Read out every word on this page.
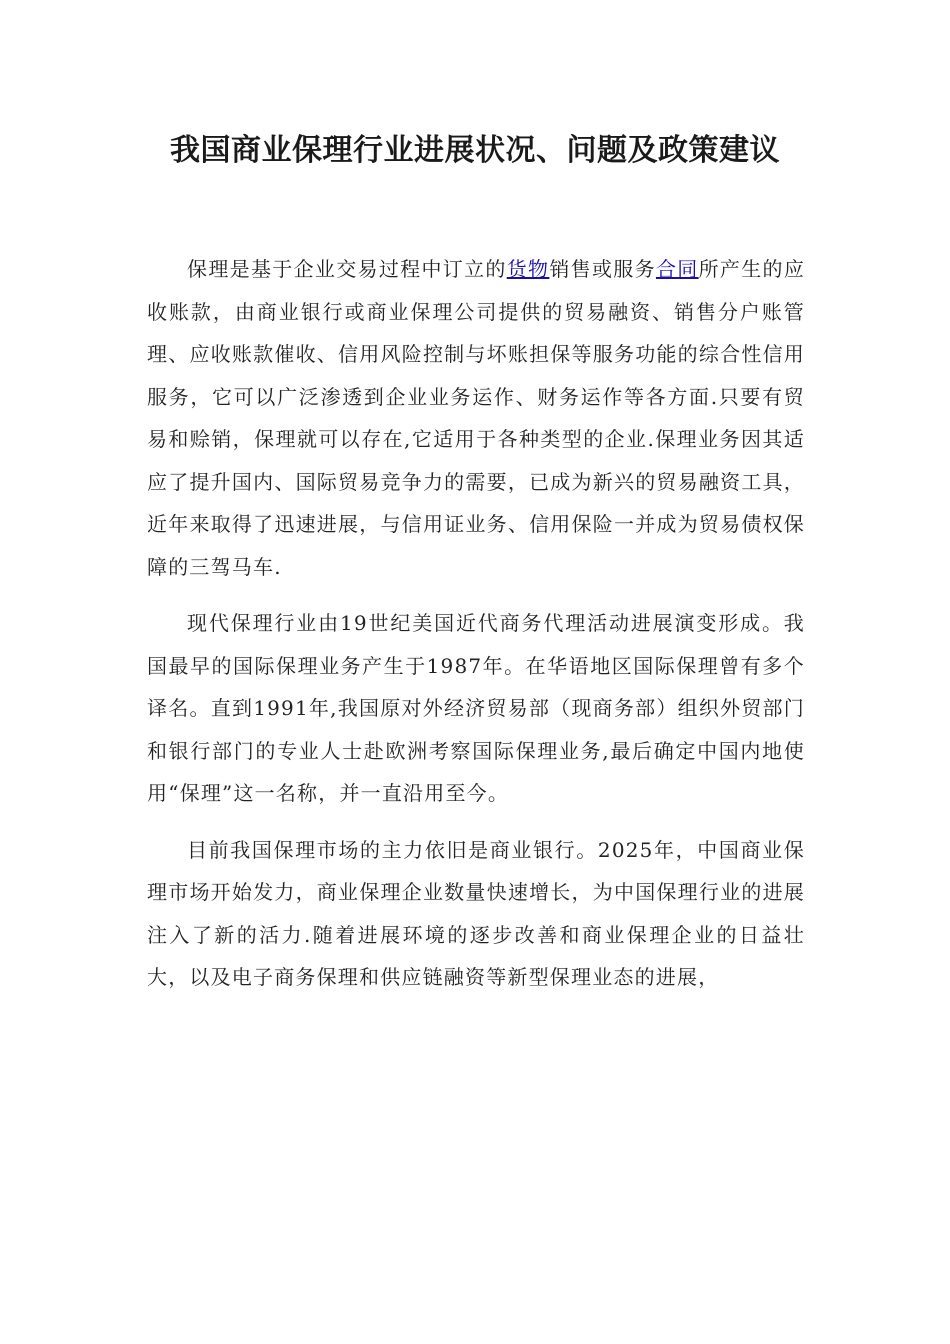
我国商业保理行业进展状况、问题及政策建议

保理是基于企业交易过程中订立的货物销售或服务合同所产生的应收账款，由商业银行或商业保理公司提供的贸易融资、销售分户账管理、应收账款催收、信用风险控制与坏账担保等服务功能的综合性信用服务，它可以广泛渗透到企业业务运作、财务运作等各方面.只要有贸易和赊销，保理就可以存在,它适用于各种类型的企业.保理业务因其适应了提升国内、国际贸易竞争力的需要，已成为新兴的贸易融资工具，近年来取得了迅速进展，与信用证业务、信用保险一并成为贸易债权保障的三驾马车.

现代保理行业由19世纪美国近代商务代理活动进展演变形成。我国最早的国际保理业务产生于1987年。在华语地区国际保理曾有多个译名。直到1991年,我国原对外经济贸易部（现商务部）组织外贸部门和银行部门的专业人士赴欧洲考察国际保理业务,最后确定中国内地使用“保理”这一名称，并一直沿用至今。

目前我国保理市场的主力依旧是商业银行。2025年，中国商业保理市场开始发力，商业保理企业数量快速增长，为中国保理行业的进展注入了新的活力.随着进展环境的逐步改善和商业保理企业的日益壮大，以及电子商务保理和供应链融资等新型保理业态的进展，
